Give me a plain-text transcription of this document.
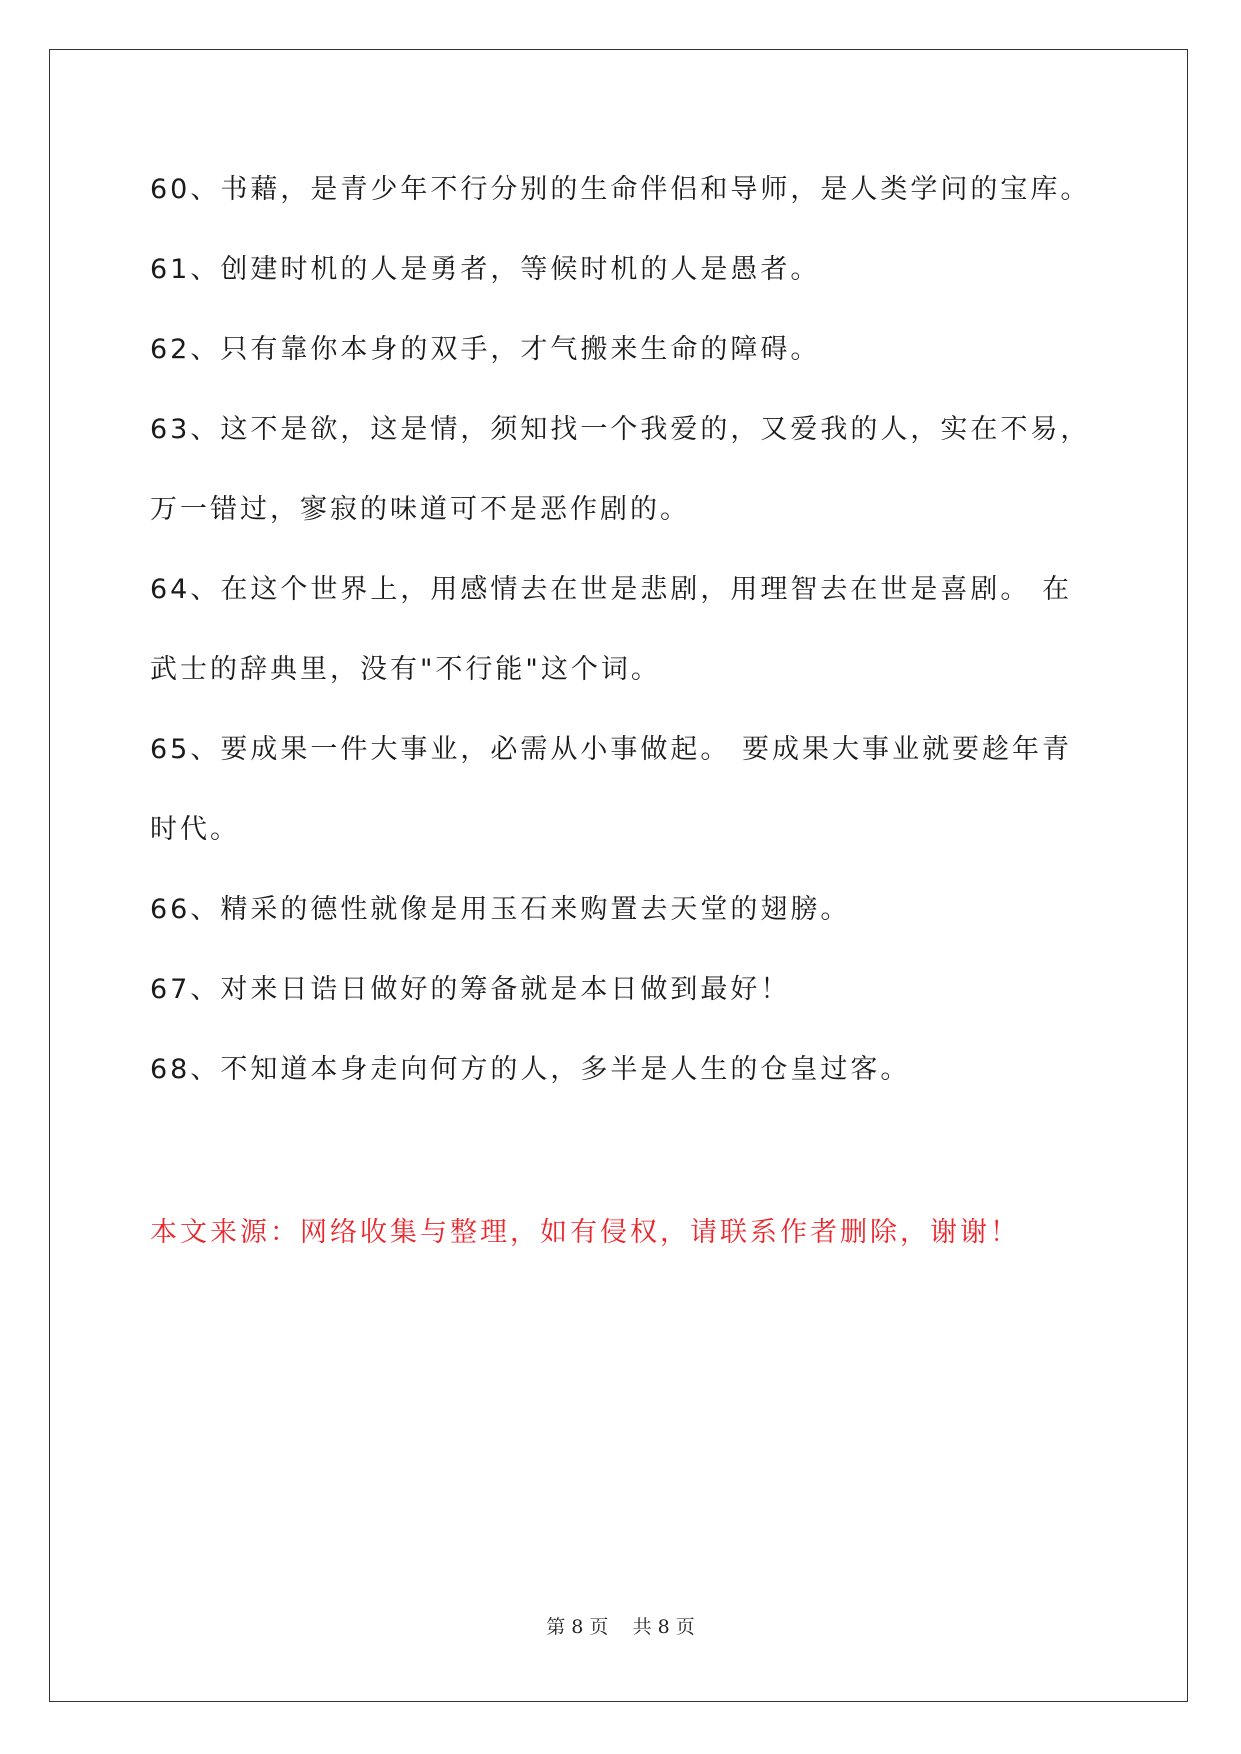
60、书藉，是青少年不行分别的生命伴侣和导师，是人类学问的宝库。

61、创建时机的人是勇者，等候时机的人是愚者。

62、只有靠你本身的双手，才气搬来生命的障碍。

63、这不是欲，这是情，须知找一个我爱的，又爱我的人，实在不易，
万一错过，寥寂的味道可不是恶作剧的。

64、在这个世界上，用感情去在世是悲剧，用理智去在世是喜剧。 在
武士的辞典里，没有"不行能"这个词。

65、要成果一件大事业，必需从小事做起。 要成果大事业就要趁年青
时代。

66、精采的德性就像是用玉石来购置去天堂的翅膀。

67、对来日诰日做好的筹备就是本日做到最好！

68、不知道本身走向何方的人，多半是人生的仓皇过客。

本文来源：网络收集与整理，如有侵权，请联系作者删除，谢谢！
第 8 页    共 8 页
